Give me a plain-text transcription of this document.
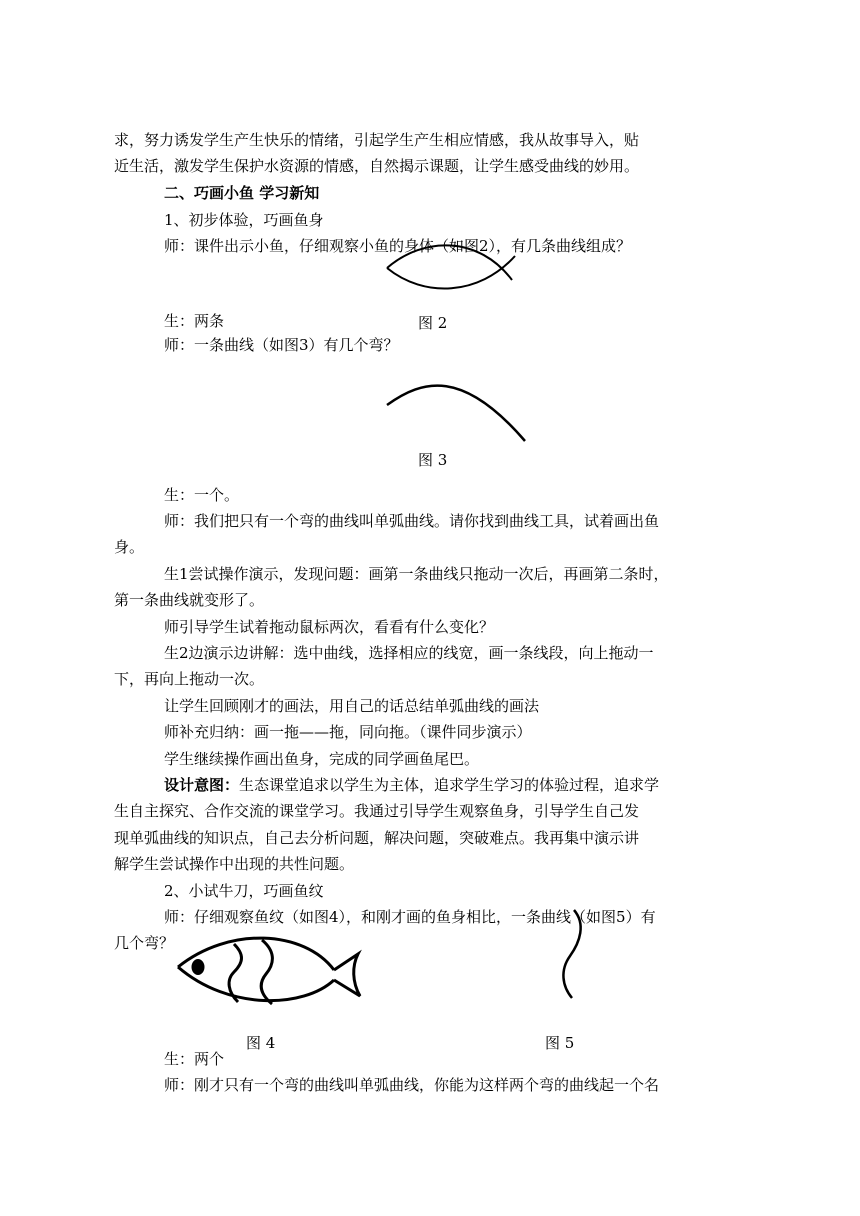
求，努力诱发学生产生快乐的情绪，引起学生产生相应情感，我从故事导入，贴
近生活，激发学生保护水资源的情感，自然揭示课题，让学生感受曲线的妙用。
二、巧画小鱼 学习新知
1、初步体验，巧画鱼身
师：课件出示小鱼，仔细观察小鱼的身体（如图2），有几条曲线组成？
生：两条	图 2
师：一条曲线（如图3）有几个弯？
图 3
生：一个。
师：我们把只有一个弯的曲线叫单弧曲线。请你找到曲线工具，试着画出鱼
身。
生1尝试操作演示，发现问题：画第一条曲线只拖动一次后，再画第二条时，
第一条曲线就变形了。
师引导学生试着拖动鼠标两次，看看有什么变化？
生2边演示边讲解：选中曲线，选择相应的线宽，画一条线段，向上拖动一
下，再向上拖动一次。
让学生回顾刚才的画法，用自己的话总结单弧曲线的画法
师补充归纳：画一拖——拖，同向拖。（课件同步演示）
学生继续操作画出鱼身，完成的同学画鱼尾巴。
设计意图：生态课堂追求以学生为主体，追求学生学习的体验过程，追求学
生自主探究、合作交流的课堂学习。我通过引导学生观察鱼身，引导学生自己发
现单弧曲线的知识点，自己去分析问题，解决问题，突破难点。我再集中演示讲
解学生尝试操作中出现的共性问题。
2、小试牛刀，巧画鱼纹
师：仔细观察鱼纹（如图4），和刚才画的鱼身相比，一条曲线（如图5）有
几个弯？
图 4	图 5
生：两个
师：刚才只有一个弯的曲线叫单弧曲线，你能为这样两个弯的曲线起一个名
